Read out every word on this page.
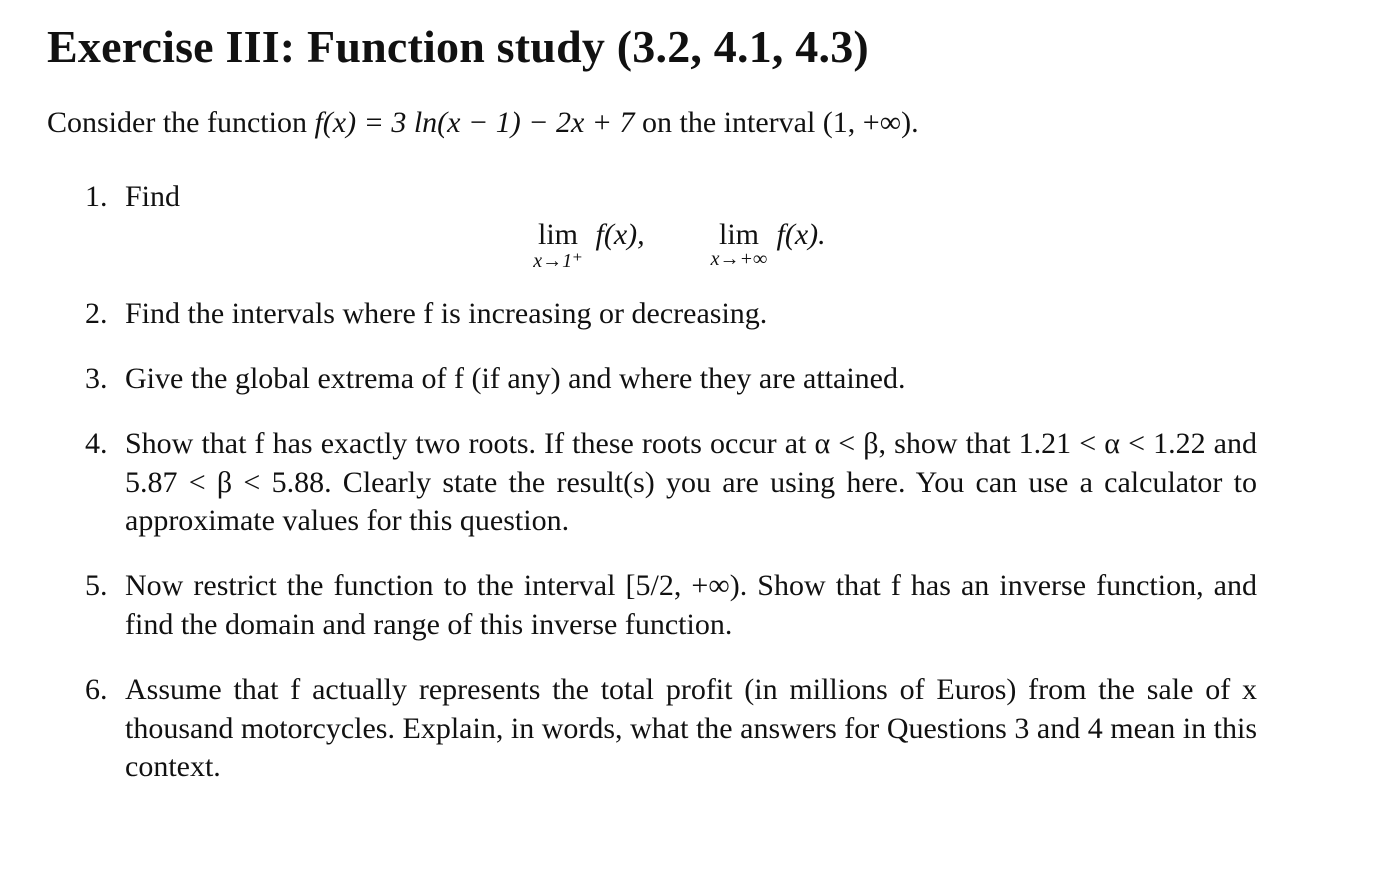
Exercise III: Function study (3.2, 4.1, 4.3)

Consider the function f(x) = 3 ln(x − 1) − 2x + 7 on the interval (1, +∞).

1. Find
lim
x→1⁺
f(x), lim
x→+∞
f(x).
2. Find the intervals where f is increasing or decreasing.
3. Give the global extrema of f (if any) and where they are attained.
4. Show that f has exactly two roots. If these roots occur at α < β, show that 1.21 < α < 1.22 and 5.87 < β < 5.88. Clearly state the result(s) you are using here. You can use a calculator to approximate values for this question.
5. Now restrict the function to the interval [5/2, +∞). Show that f has an inverse function, and find the domain and range of this inverse function.
6. Assume that f actually represents the total profit (in millions of Euros) from the sale of x thousand motorcycles. Explain, in words, what the answers for Questions 3 and 4 mean in this context.
